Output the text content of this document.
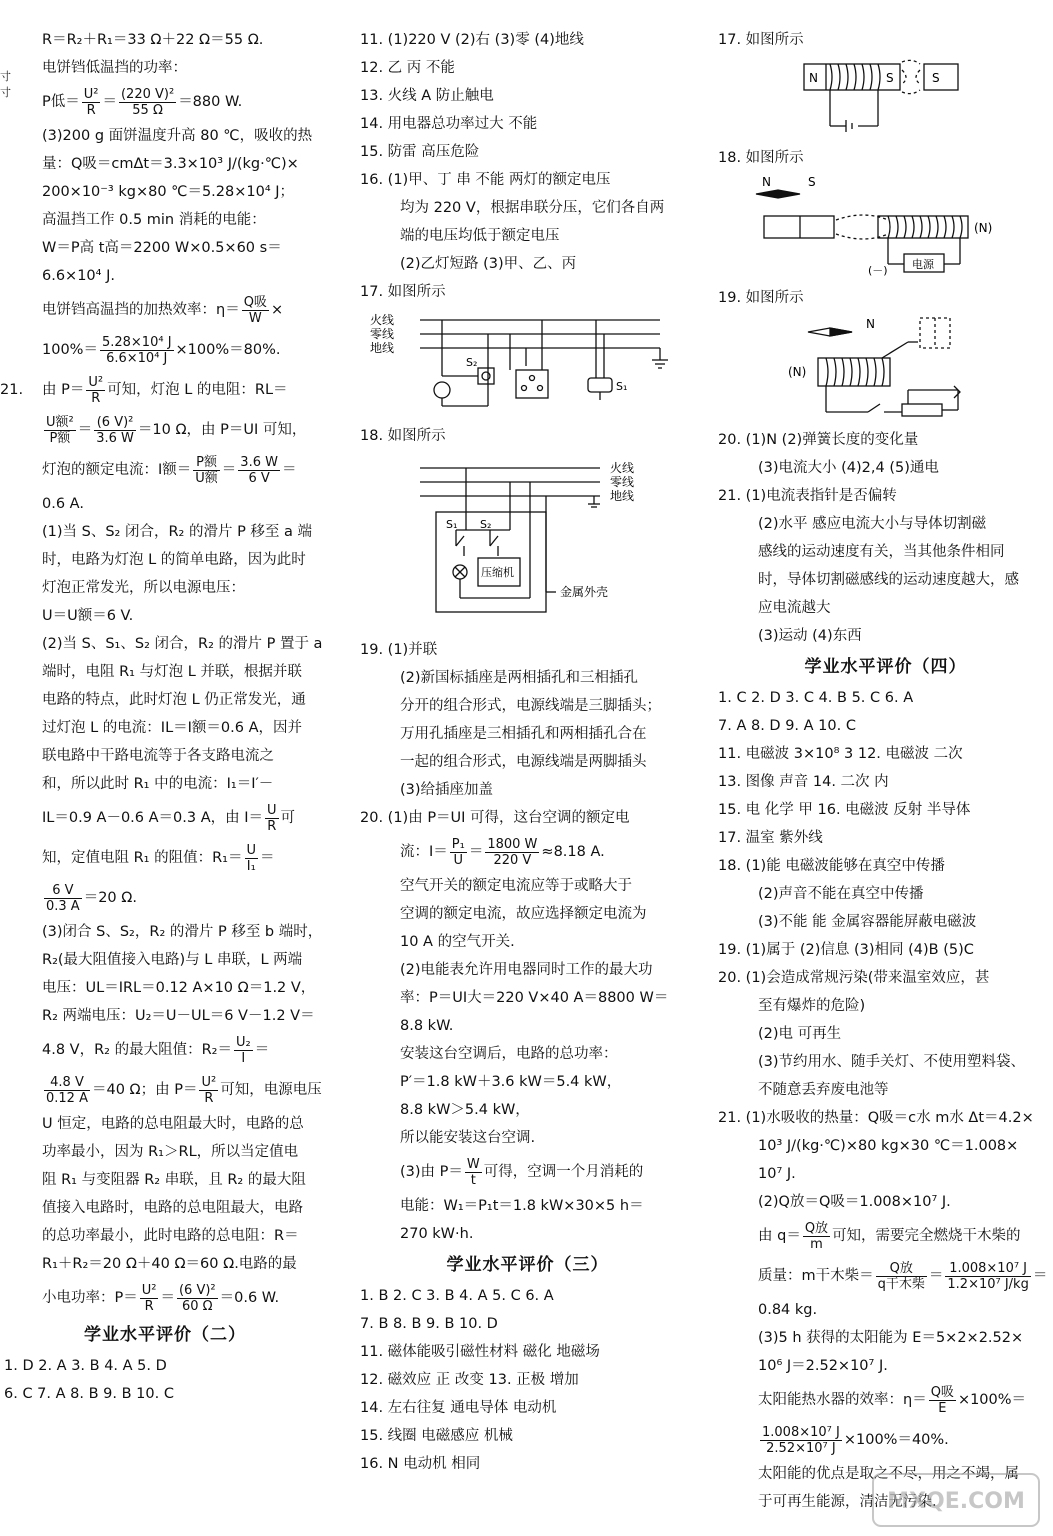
寸
寸
R＝R₂＋R₁＝33 Ω＋22 Ω＝55 Ω.
电饼铛低温挡的功率：
P低＝ $\frac{\text{U²}}{R} = \frac{\text{(220 V)²}}{55 \Omega} =880$ W.
(3)200 g 面饼温度升高 80 ℃，吸收的热
量：Q吸＝cmΔt＝3.3×10³ J/(kg·℃)×
200×10⁻³ kg×80 ℃＝5.28×10⁴ J；
高温挡工作 0.5 min 消耗的电能：
W＝P高 t高＝2200 W×0.5×60 s＝
6.6×10⁴ J.
电饼铛高温挡的加热效率：$\eta= \frac{\text{Q吸}}{W}$ ×
$100\%= \frac{\text{5.28×10⁴ J}}{\text{6.6×10⁴ J}} \times 100\%=80\%$.
21. 由 $P= \frac{\text{U²}}{R}$ 可知，灯泡 L 的电阻：RL＝
$\frac{\text{U额²}}{\text{P额}} = \frac{\text{(6 V)²}}{3.6 W} =10$ Ω，由 P＝UI 可知，
灯泡的额定电流：I额＝ $\frac{\text{P额}}{\text{U额}} = \frac{3.6 W}{6 V}$ ＝
0.6 A.
(1)当 S、S₂ 闭合，R₂ 的滑片 P 移至 a 端
时，电路为灯泡 L 的简单电路，因为此时
灯泡正常发光，所以电源电压：
U＝U额＝6 V.
(2)当 S、S₁、S₂ 闭合，R₂ 的滑片 P 置于 a
端时，电阻 R₁ 与灯泡 L 并联，根据并联
电路的特点，此时灯泡 L 仍正常发光，通
过灯泡 L 的电流：IL＝I额＝0.6 A，因并
联电路中干路电流等于各支路电流之
和，所以此时 R₁ 中的电流：I₁＝I′－
IL＝0.9 A－0.6 A＝0.3 A，由 $I= \frac{U}{R}$ 可
知，定值电阻 R₁ 的阻值：$R_1= \frac{U}{\text{I₁}}$ ＝
$\frac{6 V}{0.3 A} =20$ Ω.
(3)闭合 S、S₂，R₂ 的滑片 P 移至 b 端时，
R₂(最大阻值接入电路)与 L 串联，L 两端
电压：UL＝IRL＝0.12 A×10 Ω＝1.2 V，
R₂ 两端电压：U₂＝U－UL＝6 V－1.2 V＝
4.8 V，R₂ 的最大阻值：$R_2= \frac{\text{U₂}}{I}$ ＝
$\frac{4.8 V}{0.12 A} =40$ Ω；由 $P= \frac{\text{U²}}{R}$ 可知，电源电压
U 恒定，电路的总电阻最大时，电路的总
功率最小，因为 R₁＞RL，所以当定值电
阻 R₁ 与变阻器 R₂ 串联，且 R₂ 的最大阻
值接入电路时，电路的总电阻最大，电路
的总功率最小，此时电路的总电阻：R＝
R₁＋R₂＝20 Ω＋40 Ω＝60 Ω.电路的最
小电功率：$P= \frac{\text{U²}}{R} = \frac{\text{(6 V)²}}{60 \Omega} =0.6$ W.
学业水平评价（二）
1. D 2. A 3. B 4. A 5. D
6. C 7. A 8. B 9. B 10. C
11. (1)220 V (2)右 (3)零 (4)地线
12. 乙 丙 不能
13. 火线 A 防止触电
14. 用电器总功率过大 不能
15. 防雷 高压危险
16. (1)甲、丁 串 不能 两灯的额定电压
均为 220 V，根据串联分压，它们各自两
端的电压均低于额定电压
(2)乙灯短路 (3)甲、乙、丙
17. 如图所示
火线
零线
地线
S₂
S₁
18. 如图所示
火线
零线
地线
S₁ S₂
压缩机
金属外壳
19. (1)并联
(2)新国标插座是两相插孔和三相插孔
分开的组合形式，电源线端是三脚插头；
万用孔插座是三相插孔和两相插孔合在
一起的组合形式，电源线端是两脚插头
(3)给插座加盖
20. (1)由 P＝UI 可得，这台空调的额定电
流：$I= \frac{\text{P₁}}{U} = \frac{1800 W}{220 V} \approx 8.18$ A.
空气开关的额定电流应等于或略大于
空调的额定电流，故应选择额定电流为
10 A 的空气开关.
(2)电能表允许用电器同时工作的最大功
率：P＝UI大＝220 V×40 A＝8800 W＝
8.8 kW.
安装这台空调后，电路的总功率：
P′＝1.8 kW＋3.6 kW＝5.4 kW，
8.8 kW＞5.4 kW，
所以能安装这台空调.
(3)由 $P= \frac{W}{t}$ 可得，空调一个月消耗的
电能：W₁＝P₁t＝1.8 kW×30×5 h＝
270 kW·h.
学业水平评价（三）
1. B 2. C 3. B 4. A 5. C 6. A
7. B 8. B 9. B 10. D
11. 磁体能吸引磁性材料 磁化 地磁场
12. 磁效应 正 改变 13. 正极 增加
14. 左右往复 通电导体 电动机
15. 线圈 电磁感应 机械
16. N 电动机 相同
17. 如图所示
N	S	S
18. 如图所示
N	S
(N)
(－) 电源
19. 如图所示
N
(N)
20. (1)N (2)弹簧长度的变化量
(3)电流大小 (4)2,4 (5)通电
21. (1)电流表指针是否偏转
(2)水平 感应电流大小与导体切割磁
感线的运动速度有关，当其他条件相同
时，导体切割磁感线的运动速度越大，感
应电流越大
(3)运动 (4)东西
学业水平评价（四）
1. C 2. D 3. C 4. B 5. C 6. A
7. A 8. D 9. A 10. C
11. 电磁波 3×10⁸ 3 12. 电磁波 二次
13. 图像 声音 14. 二次 内
15. 电 化学 甲 16. 电磁波 反射 半导体
17. 温室 紫外线
18. (1)能 电磁波能够在真空中传播
(2)声音不能在真空中传播
(3)不能 能 金属容器能屏蔽电磁波
19. (1)属于 (2)信息 (3)相同 (4)B (5)C
20. (1)会造成常规污染(带来温室效应，甚
至有爆炸的危险)
(2)电 可再生
(3)节约用水、随手关灯、不使用塑料袋、
不随意丢弃废电池等
21. (1)水吸收的热量：Q吸＝c水 m水 Δt＝4.2×
10³ J/(kg·℃)×80 kg×30 ℃＝1.008×
10⁷ J.
(2)Q放＝Q吸＝1.008×10⁷ J.
由 $q= \frac{\text{Q放}}{m}$ 可知，需要完全燃烧干木柴的
质量：m干木柴＝ $\frac{\text{Q放}}{\text{q干木柴}} = \frac{\text{1.008×10⁷ J}}{\text{1.2×10⁷ J/kg}}$ ＝
0.84 kg.
(3)5 h 获得的太阳能为 E＝5×2×2.52×
10⁶ J＝2.52×10⁷ J.
太阳能热水器的效率：$\eta= \frac{\text{Q吸}}{E} \times 100\%=$
$\frac{\text{1.008×10⁷ J}}{\text{2.52×10⁷ J}} \times 100\%=40\%$.
太阳能的优点是取之不尽，用之不竭，属
于可再生能源，清洁无污染.
MXQE.COM
